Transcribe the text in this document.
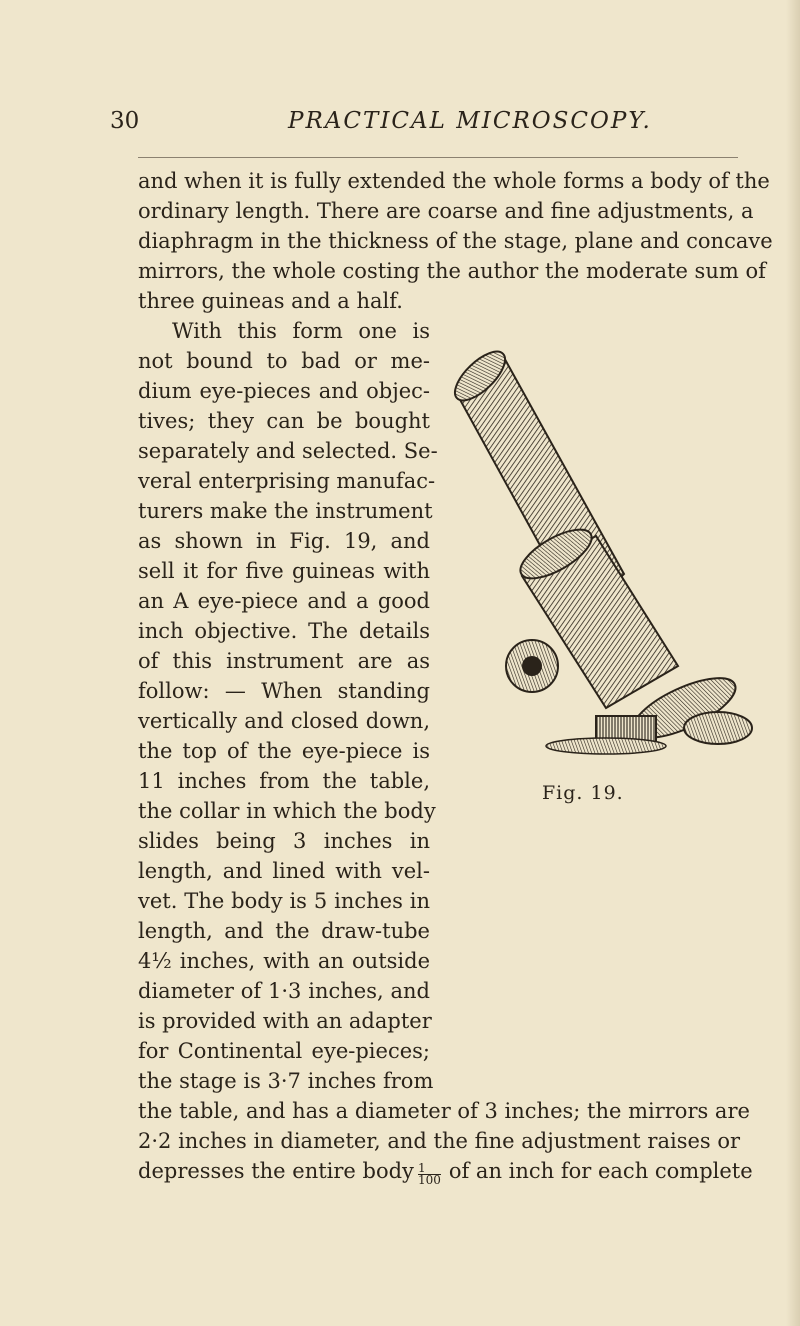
30	PRACTICAL MICROSCOPY.
and when it is fully extended the whole forms a body of the
ordinary length. There are coarse and fine adjustments, a
diaphragm in the thickness of the stage, plane and concave
mirrors, the whole costing the author the moderate sum of
three guineas and a half.
With this form one is
not bound to bad or me-
dium eye-pieces and objec-
tives; they can be bought
separately and selected. Se-
veral enterprising manufac-
turers make the instrument
as shown in Fig. 19, and
sell it for five guineas with
an A eye-piece and a good
inch objective. The details
of this instrument are as
follow: — When standing
vertically and closed down,
the top of the eye-piece is
11 inches from the table,
the collar in which the body
slides being 3 inches in
length, and lined with vel-
vet. The body is 5 inches in
length, and the draw-tube
4½ inches, with an outside
diameter of 1·3 inches, and
is provided with an adapter
for Continental eye-pieces;
the stage is 3·7 inches from
the table, and has a diameter of 3 inches; the mirrors are
2·2 inches in diameter, and the fine adjustment raises or
depresses the entire body $\frac{1}{100}$ of an inch for each complete
Fig. 19.
